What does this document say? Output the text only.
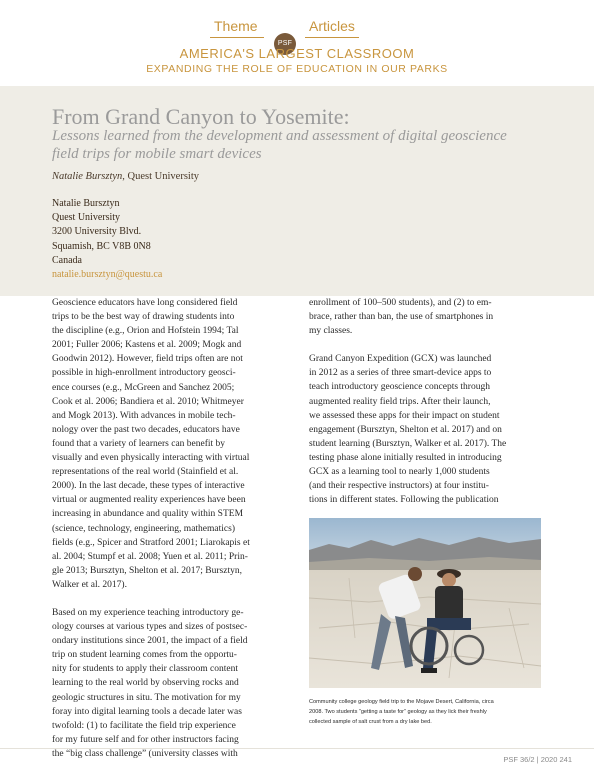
Theme
PSF
Articles
AMERICA'S LARGEST CLASSROOM
EXPANDING THE ROLE OF EDUCATION IN OUR PARKS
From Grand Canyon to Yosemite:
Lessons learned from the development and assessment of digital geoscience field trips for mobile smart devices
Natalie Bursztyn, Quest University
Natalie Bursztyn
Quest University
3200 University Blvd.
Squamish, BC V8B 0N8
Canada
natalie.bursztyn@questu.ca

Geoscience educators have long considered field
trips to be the best way of drawing students into
the discipline (e.g., Orion and Hofstein 1994; Tal
2001; Fuller 2006; Kastens et al. 2009; Mogk and
Goodwin 2012). However, field trips often are not
possible in high-enrollment introductory geosci-
ence courses (e.g., McGreen and Sanchez 2005;
Cook et al. 2006; Bandiera et al. 2010; Whitmeyer
and Mogk 2013). With advances in mobile tech-
nology over the past two decades, educators have
found that a variety of learners can benefit by
visually and even physically interacting with virtual
representations of the real world (Stainfield et al.
2000). In the last decade, these types of interactive
virtual or augmented reality experiences have been
increasing in abundance and quality within STEM
(science, technology, engineering, mathematics)
fields (e.g., Spicer and Stratford 2001; Liarokapis et
al. 2004; Stumpf et al. 2008; Yuen et al. 2011; Prin-
gle 2013; Bursztyn, Shelton et al. 2017; Bursztyn,
Walker et al. 2017).

Based on my experience teaching introductory ge-
ology courses at various types and sizes of postsec-
ondary institutions since 2001, the impact of a field
trip on student learning comes from the opportu-
nity for students to apply their classroom content
learning to the real world by observing rocks and
geologic structures in situ. The motivation for my
foray into digital learning tools a decade later was
twofold: (1) to facilitate the field trip experience
for my future self and for other instructors facing
the “big class challenge” (university classes with

enrollment of 100–500 students), and (2) to em-
brace, rather than ban, the use of smartphones in
my classes.

Grand Canyon Expedition (GCX) was launched
in 2012 as a series of three smart-device apps to
teach introductory geoscience concepts through
augmented reality field trips. After their launch,
we assessed these apps for their impact on student
engagement (Bursztyn, Shelton et al. 2017) and on
student learning (Bursztyn, Walker et al. 2017). The
testing phase alone initially resulted in introducing
GCX as a learning tool to nearly 1,000 students
(and their respective instructors) at four institu-
tions in different states. Following the publication

Community college geology field trip to the Mojave Desert, California, circa
2008. Two students “getting a taste for” geology as they lick their freshly
collected sample of salt crust from a dry lake bed.
PSF 36/2 | 2020 241
